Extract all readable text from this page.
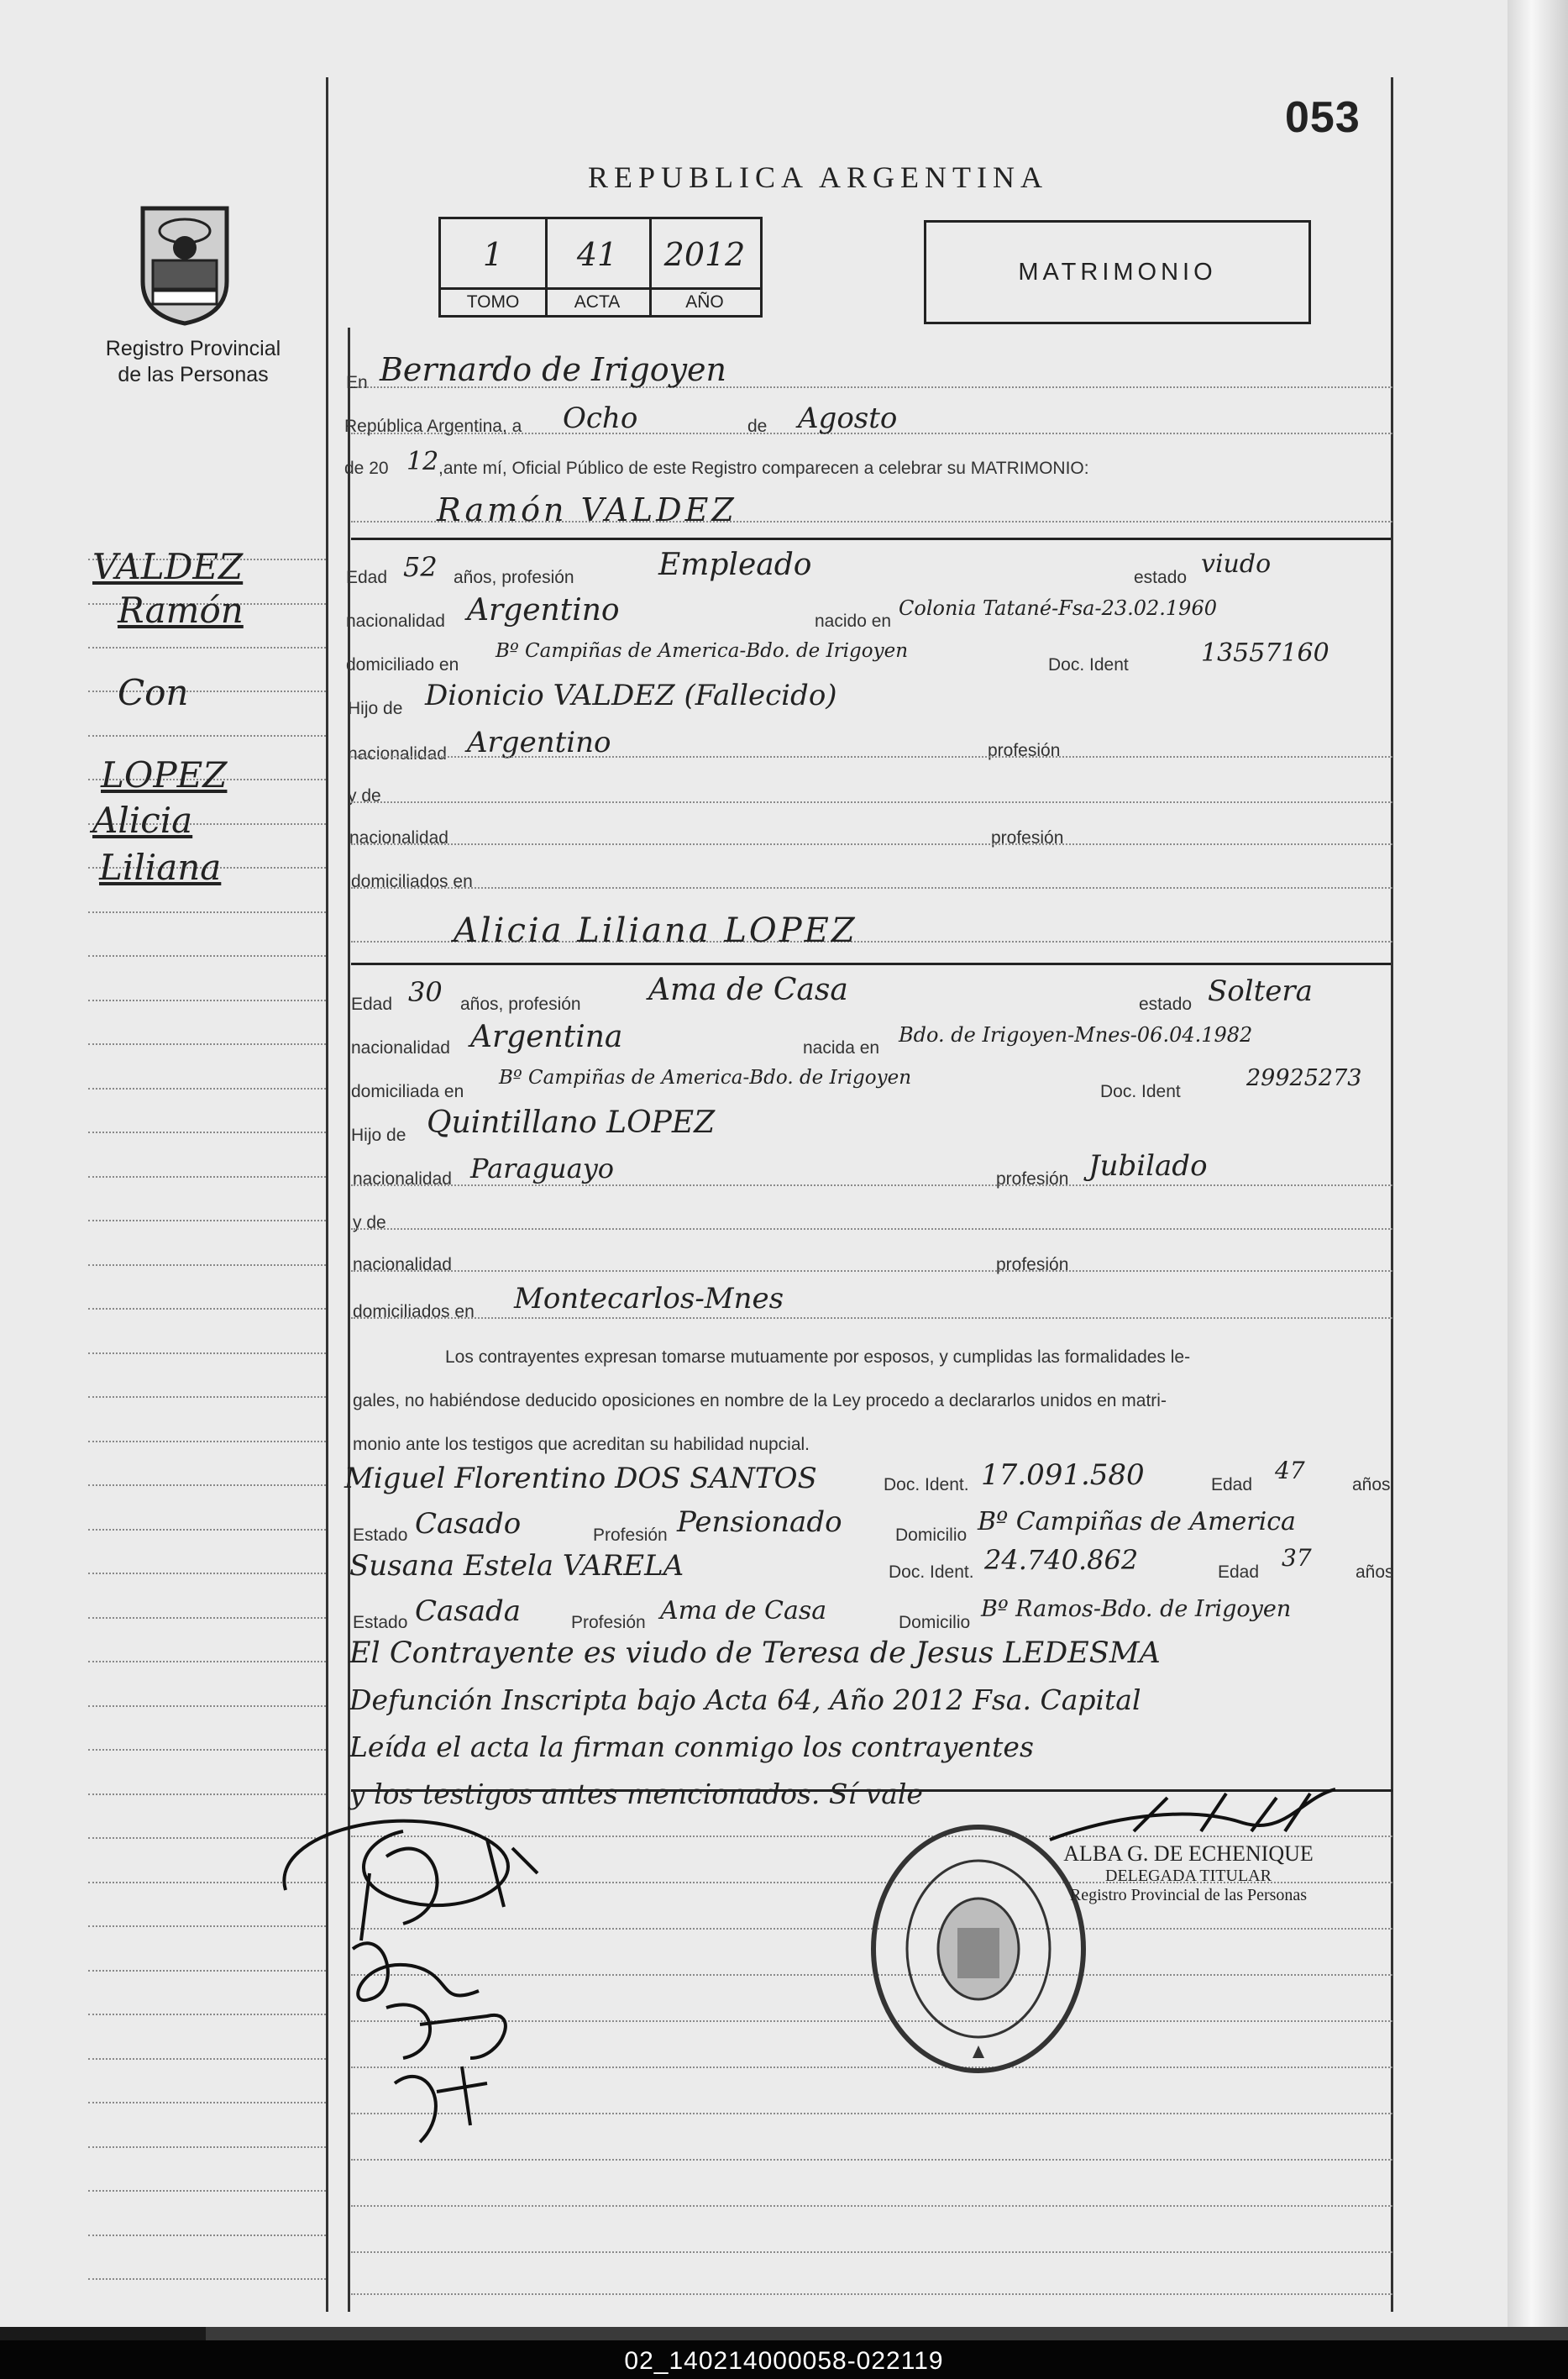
053
REPUBLICA ARGENTINA
1
TOMO
41
ACTA
2012
AÑO
MATRIMONIO
Registro Provincial
de las Personas
VALDEZ
Ramón
Con
LOPEZ
Alicia
Liliana
En Bernardo de Irigoyen
República Argentina, a Ocho	de Agosto
de 20 12 ,ante mí, Oficial Público de este Registro comparecen a celebrar su MATRIMONIO:
Ramón VALDEZ
Edad 52 años, profesión	Empleado	estado viudo
nacionalidad Argentino	nacido en
Colonia Tatané-Fsa-23.02.1960
domiciliado en
Bº Campiñas de America-Bdo. de Irigoyen
Doc. Ident	13557160
Hijo de Dionicio VALDEZ (Fallecido)
nacionalidad Argentino	profesión
y de
nacionalidad	profesión
domiciliados en
Alicia Liliana LOPEZ
Edad 30 años, profesión Ama de Casa	estado Soltera
nacionalidad Argentina	nacida en
Bdo. de Irigoyen-Mnes-06.04.1982
domiciliada en
Bº Campiñas de America-Bdo. de Irigoyen
Doc. Ident
29925273
Hijo de Quintillano LOPEZ
nacionalidad Paraguayo	profesión Jubilado
y de
nacionalidad	profesión
domiciliados en Montecarlos-Mnes
Los contrayentes expresan tomarse mutuamente por esposos, y cumplidas las formalidades le-
gales, no habiéndose deducido oposiciones en nombre de la Ley procedo a declararlos unidos en matri-
monio ante los testigos que acreditan su habilidad nupcial.
Miguel Florentino DOS SANTOS	Doc. Ident. 17.091.580	Edad
47
años
Estado Casado	Profesión Pensionado	Domicilio Bº Campiñas de America
Susana Estela VARELA	Doc. Ident. 24.740.862	Edad
37
años
Estado Casada	Profesión Ama de Casa	Domicilio
Bº Ramos-Bdo. de Irigoyen
El Contrayente es viudo de Teresa de Jesus LEDESMA
Defunción Inscripta bajo Acta 64, Año 2012 Fsa. Capital
Leída el acta la firman conmigo los contrayentes
y los testigos antes mencionados. Sí vale
ALBA G. DE ECHENIQUE
DELEGADA TITULAR
Registro Provincial de las Personas
02_140214000058-022119
